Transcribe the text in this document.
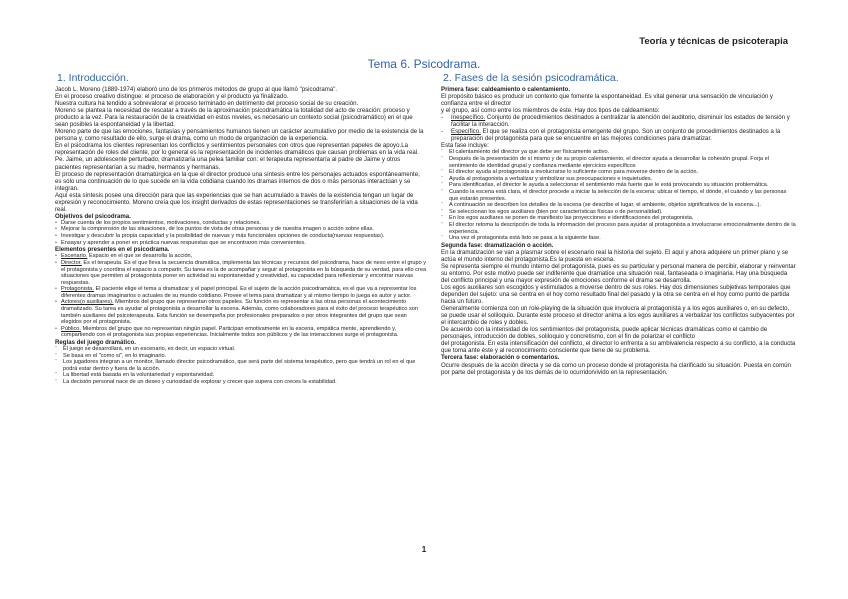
Teoría y técnicas de psicoterapia
Tema 6. Psicodrama.
1. Introducción.

Jacob L. Moreno (1889-1974) elaboró uno de los primeros métodos de grupo al que llamó "psicodrama".

En el proceso creativo distingue: el proceso de elaboración y el producto ya finalizado.

Nuestra cultura ha tendido a sobrevalorar el proceso terminado en detrimento del proceso social de su creación.

Moreno se plantea la necesidad de rescatar a través de la aproximación psicodramática la totalidad del acto de creación: proceso y producto a la vez. Para la restauración de la creatividad en estos niveles, es necesario un contexto social (psicodramático) en el que sean posibles la espontaneidad y la libertad.

Moreno parte de que las emociones, fantasías y pensamientos humanos tienen un carácter acumulativo por medio de la existencia de la persona y, como resultado de ello, surge el drama, como un modo de organización de la experiencia.

En el psicodrama los clientes representan los conflictos y sentimientos personales con otros que representan papeles de apoyo.La representación de roles del cliente, por lo general es la representación de incidentes dramáticos que causan problemas en la vida real.

Pe. Jaime, un adolescente perturbado, dramatizaría una pelea familiar con: el terapeuta representaría al padre de Jaime y otros pacientes representarían a su madre, hermanos y hermanas.

El proceso de representación dramatúrgica en la que el director produce una síntesis entre los personajes actuados espontáneamente, es sólo una continuación de lo que sucede en la vida cotidiana cuando los dramas internos de dos o más personas interactúan y se integran.

Aquí esta síntesis posee una dirección para que las experiencias que se han acumulado a través de la existencia tengan un lugar de expresión y reconocimiento. Moreno creía que los insight derivados de estas representaciones se transferirían a situaciones de la vida real.

Objetivos del psicodrama.

• Darse cuenta de los propios sentimientos, motivaciones, conductas y relaciones.
• Mejorar la comprensión de las situaciones, de los puntos de vista de otras personas y de nuestra imagen o acción sobre ellas.
• Investigar y descubrir la propia capacidad y la posibilidad de nuevas y más funcionales opciones de conducta(nuevas respuestas).
• Ensayar y aprender a poner en práctica nuevas respuestas que se encontraron más convenientes.

Elementos presentes en el psicodrama.

• Escenario. Espacio en el que se desarrolla la acción,
• Director. Es el terapeuta. Es el que lleva la secuencia dramática, implementa las técnicas y recursos del psicodrama, hace de nexo entre el grupo y el protagonista y coordina el espacio a compartir. Su tarea es la de acompañar y seguir al protagonista en la búsqueda de su verdad, para ello crea situaciones que permiten al protagonista poner en actividad su espontaneidad y creatividad, su capacidad para reflexionar y encontrar nuevas respuestas.
• Protagonista. El paciente elige el tema a dramatizar y el papel principal. Es el sujeto de la acción psicodramática, es el que va a representar los diferentes dramas imaginarios o actuales de su mundo cotidiano. Provee el tema para dramatizar y al mismo tiempo lo juega es autor y actor.
• Actores(o auxiliares). Miembros del grupo que representan otros papeles. Su función es representar a las otras personas el acontecimiento dramatizado. Su tarea es ayudar al protagonista a desarrollar la escena. Además, como colaboradores para el éxito del proceso terapéutico son también auxiliares del psicoterapeuta. Esta función se desempeña por profesionales preparados o por otros integrantes del grupo que sean elegidos por el protagonista.
• Público. Miembros del grupo que no representan ningún papel. Participan emotivamente en la escena, empática mente, aprendiendo y, compartiendo con el protagonista sus propias experiencias. Inicialmente todos son públicos y de las interacciones surge el protagonista.

Reglas del juego dramático.

“	El juego se desarrollará, en un escenario, es decir, un espacio virtual.
“	Se basa en el "como si", en lo imaginario.
“	Los jugadores integran a un monitor, llamado director psicodramático, que será parte del sistema terapéutico, pero que tendrá un rol en el que podrá estar dentro y fuera de la acción.
“	La libertad está basada en la voluntariedad y espontaneidad.
“	La decisión personal nace de un deseo y curiosidad de explorar y crecer que supera con creces la estabilidad.
2. Fases de la sesión psicodramática.

Primera fase: caldeamiento o calentamiento.

El propósito básico es producir un contexto que fomente la espontaneidad. Es vital generar una sensación de vinculación y confianza entre el director

y el grupo, así como entre los miembros de éste. Hay dos tipos de caldeamiento:

-	Inespecífico. Conjunto de procedimientos destinados a centralizar la atención del auditorio, disminuir los estados de tensión y facilitar la interacción.
-	Específico. El que se realiza con el protagonista emergente del grupo. Son un conjunto de procedimientos destinados a la preparación del protagonista para que se encuentre en las mejores condiciones para dramatizar.

Esta fase incluye:

“	El calentamiento del director ya que debe ser físicamente activo.
“	Después de la presentación de sí mismo y de su propio calentamiento, el director ayuda a desarrollar la cohesión grupal. Forja el sentimiento de identidad grupal y confianza mediante ejercicios específicos
“	El director ayuda al protagonista a involucrarse lo suficiente como para moverse dentro de la acción.
“	Ayuda al protagonista a verbalizar y simbolizar sus preocupaciones e inquietudes.
“	Para identificarlas, el director le ayuda a seleccionar el sentimiento más fuerte que le está provocando su situación problemática.
“	Cuando la escena está clara, el director procede a iniciar la selección de la escena: ubicar el tiempo, el dónde, el cuándo y las personas que estarán presentes.
“	A continuación se describen los detalles de la escena (se describe el lugar, el ambiente, objetos significativos de la escena...).
“	Se seleccionan los egos auxiliares (bien por características físicas o de personalidad).
“	En los egos auxiliares se ponen de manifiesto las proyecciones e identificaciones del protagonista.
“	El director retoma la descripción de toda la información del proceso para ayudar al protagonista a involucrarse emocionalmente dentro de la experiencia.
“	Una vez el protagonista está listo se pasa a la siguiente fase.

Segunda fase: dramatización o acción.

En la dramatización se van a plasmar sobre el escenario real la historia del sujeto. El aquí y ahora adquiere un primer plano y se actúa el mundo interno del protagonista.Es la puesta en escena.

Se representa siempre el mundo interno del protagonista, pues es su particular y personal manera de percibir, elaborar y reinventar su entorno. Por este motivo puede ser indiferente que dramatice una situación real, fantaseada o imaginaria. Hay una búsqueda del conflicto principal y una mayor expresión de emociones conforme el drama se desarrolla.

Los egos auxiliares son escogidos y estimulados a moverse dentro de sus roles. Hay dos dimensiones subjetivas temporales que dependen del sujeto: una se centra en el hoy como resultado final del pasado y la otra se centra en el hoy como punto de partida hacia un futuro.

Generalmente comienza con un role-playing de la situación que involucra al protagonista y a los egos auxiliares o, en su defecto, se puede usar el soliloquio. Durante este proceso el director anima a los egos auxiliares a verbalizar los conflictos subyacentes por el intercambio de roles y dobles.

De acuerdo con la intensidad de los sentimientos del protagonista, puede aplicar técnicas dramáticas como el cambio de personajes, introducción de dobles, soliloquio y concretismo, con el fin de polarizar el conflicto

del protagonista. En esta intensificación del conflicto, el director lo enfrenta a su ambivalencia respecto a su conflicto, a la conducta que toma ante éste y al reconocimiento consciente que tiene de su problema.

Tercera fase: elaboración o comentarios.

Ocurre después de la acción directa y se da como un proceso donde el protagonista ha clarificado su situación. Puesta en común por parte del protagonista y de los demás de lo ocurrido/vivido en la representación.

1
